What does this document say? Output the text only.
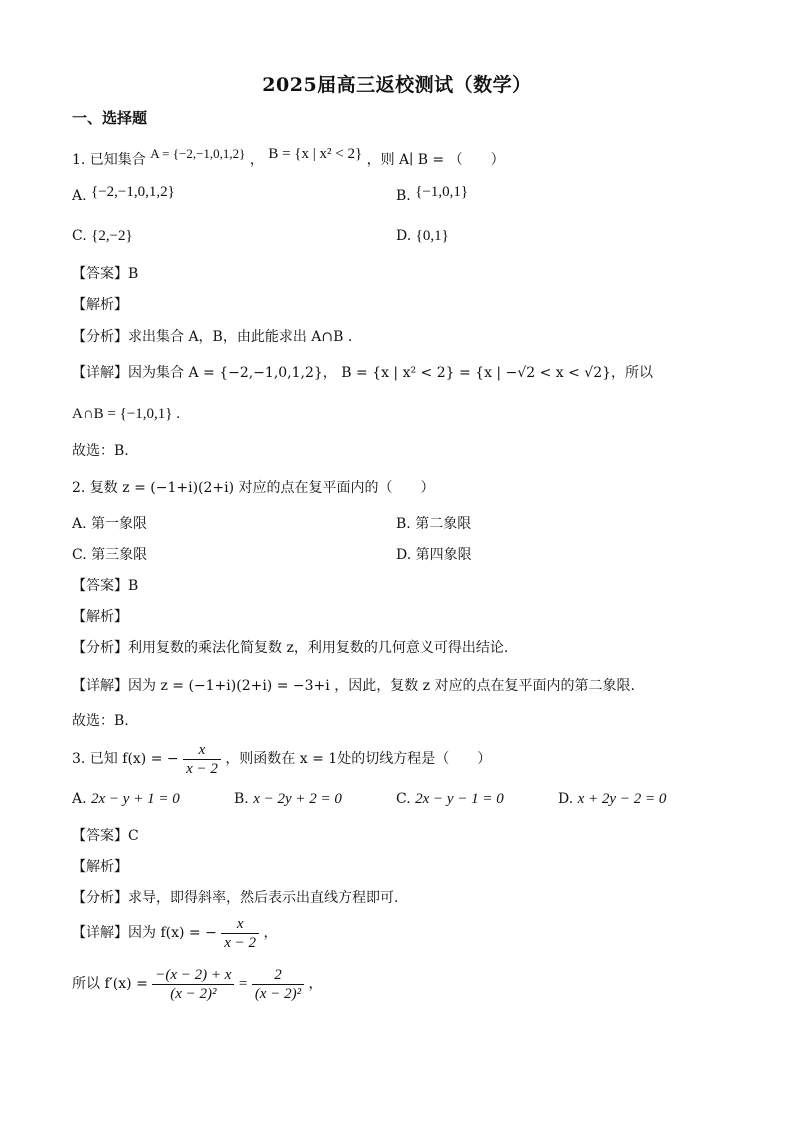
2025届高三返校测试（数学）
一、选择题
1. 已知集合 A = {−2,−1,0,1,2} ， B = {x | x² < 2} ，则 A∣ B = （　　）
A. {−2,−1,0,1,2}	B. {−1,0,1}
C. {2,−2}	D. {0,1}
【答案】B
【解析】
【分析】求出集合 A，B，由此能求出 A∩B .
【详解】因为集合 A = {−2,−1,0,1,2}， B = {x | x² < 2} = {x | −√2 < x < √2}，所以
A∩B = {−1,0,1} .
故选：B.
2. 复数 z = (−1+i)(2+i) 对应的点在复平面内的（　　）
A. 第一象限	B. 第二象限
C. 第三象限	D. 第四象限
【答案】B
【解析】
【分析】利用复数的乘法化简复数 z，利用复数的几何意义可得出结论.
【详解】因为 z = (−1+i)(2+i) = −3+i ，因此，复数 z 对应的点在复平面内的第二象限.
故选：B.
3. 已知 f(x) = − $\frac{x}{x - 2}$ ，则函数在 x = 1处的切线方程是（　　）
A. 2x − y + 1 = 0	B. x − 2y + 2 = 0	C. 2x − y − 1 = 0	D. x + 2y − 2 = 0
【答案】C
【解析】
【分析】求导，即得斜率，然后表示出直线方程即可.
【详解】因为 f(x) = − $\frac{x}{x - 2}$ ，
所以 $f'(x) = \frac{-(x - 2) + x}{\text{(x − 2)²}} = \frac{2}{\text{(x − 2)²}}$ ，
